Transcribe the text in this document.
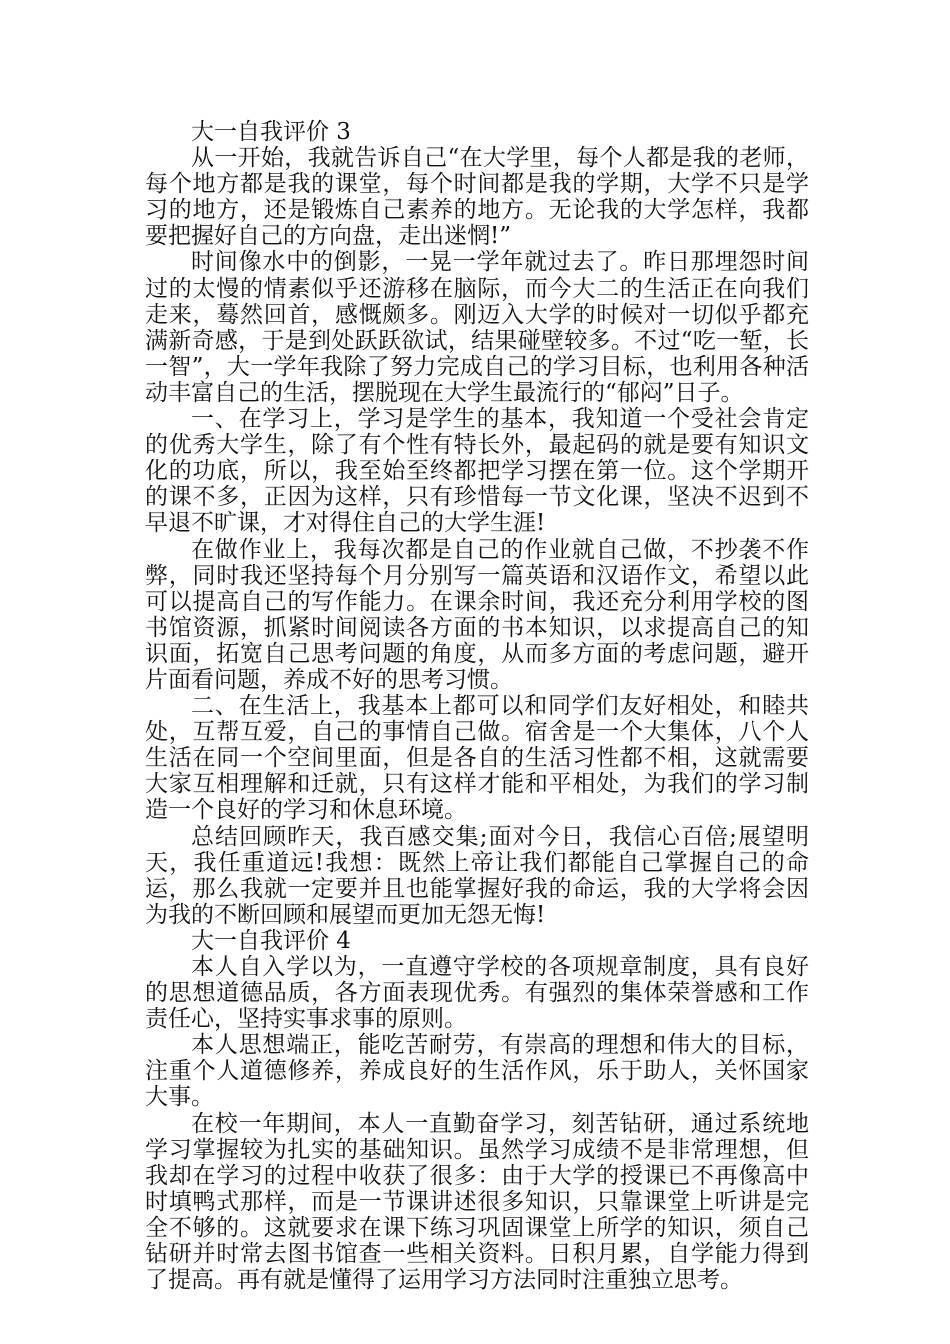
大一自我评价 3

从一开始，我就告诉自己“在大学里，每个人都是我的老师，每个地方都是我的课堂，每个时间都是我的学期，大学不只是学习的地方，还是锻炼自己素养的地方。无论我的大学怎样，我都要把握好自己的方向盘，走出迷惘!”

时间像水中的倒影，一晃一学年就过去了。昨日那埋怨时间过的太慢的情素似乎还游移在脑际，而今大二的生活正在向我们走来，蓦然回首，感慨颇多。刚迈入大学的时候对一切似乎都充满新奇感，于是到处跃跃欲试，结果碰壁较多。不过“吃一堑，长一智”，大一学年我除了努力完成自己的学习目标，也利用各种活动丰富自己的生活，摆脱现在大学生最流行的“郁闷”日子。

一、在学习上，学习是学生的基本，我知道一个受社会肯定的优秀大学生，除了有个性有特长外，最起码的就是要有知识文化的功底，所以，我至始至终都把学习摆在第一位。这个学期开的课不多，正因为这样，只有珍惜每一节文化课，坚决不迟到不早退不旷课，才对得住自己的大学生涯!

在做作业上，我每次都是自己的作业就自己做，不抄袭不作弊，同时我还坚持每个月分别写一篇英语和汉语作文，希望以此可以提高自己的写作能力。在课余时间，我还充分利用学校的图书馆资源，抓紧时间阅读各方面的书本知识，以求提高自己的知识面，拓宽自己思考问题的角度，从而多方面的考虑问题，避开片面看问题，养成不好的思考习惯。

二、在生活上，我基本上都可以和同学们友好相处，和睦共处，互帮互爱，自己的事情自己做。宿舍是一个大集体，八个人生活在同一个空间里面，但是各自的生活习性都不相，这就需要大家互相理解和迁就，只有这样才能和平相处，为我们的学习制造一个良好的学习和休息环境。

总结回顾昨天，我百感交集;面对今日，我信心百倍;展望明天，我任重道远!我想：既然上帝让我们都能自己掌握自己的命运，那么我就一定要并且也能掌握好我的命运，我的大学将会因为我的不断回顾和展望而更加无怨无悔!

大一自我评价 4

本人自入学以为，一直遵守学校的各项规章制度，具有良好的思想道德品质，各方面表现优秀。有强烈的集体荣誉感和工作责任心，坚持实事求事的原则。

本人思想端正，能吃苦耐劳，有崇高的理想和伟大的目标，注重个人道德修养，养成良好的生活作风，乐于助人，关怀国家大事。

在校一年期间，本人一直勤奋学习，刻苦钻研，通过系统地学习掌握较为扎实的基础知识。虽然学习成绩不是非常理想，但我却在学习的过程中收获了很多：由于大学的授课已不再像高中时填鸭式那样，而是一节课讲述很多知识，只靠课堂上听讲是完全不够的。这就要求在课下练习巩固课堂上所学的知识，须自己钻研并时常去图书馆查一些相关资料。日积月累，自学能力得到了提高。再有就是懂得了运用学习方法同时注重独立思考。
